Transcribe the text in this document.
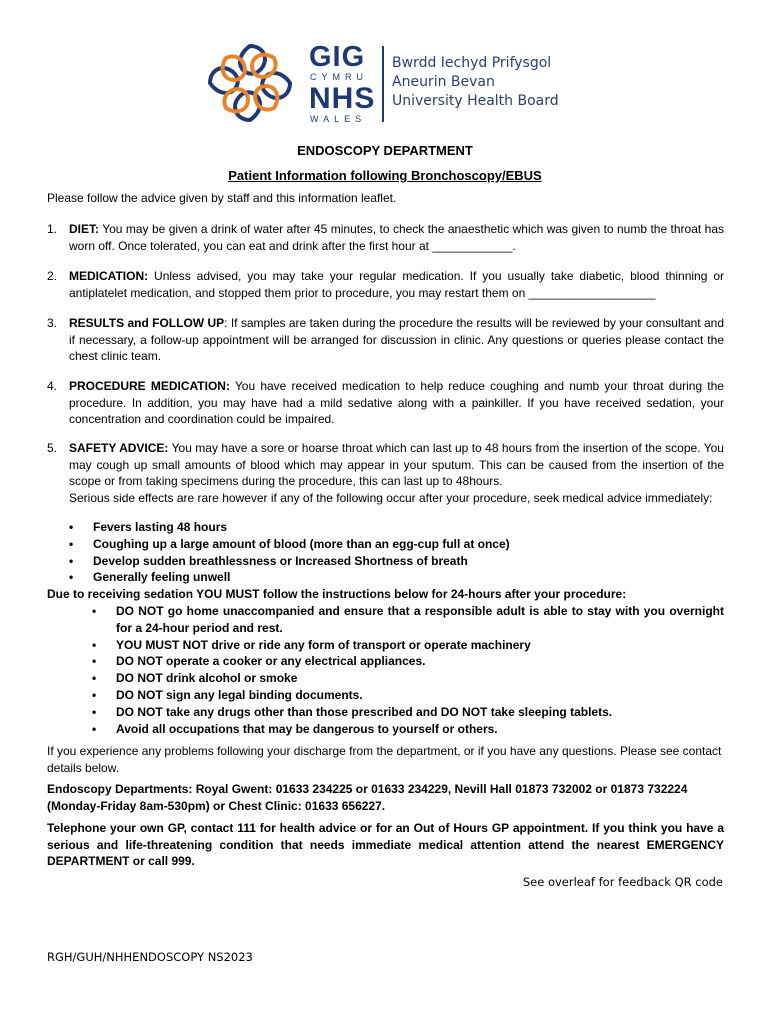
GIG
CYMRU
NHS
WALES
Bwrdd Iechyd Prifysgol
Aneurin Bevan
University Health Board
ENDOSCOPY DEPARTMENT
Patient Information following Bronchoscopy/EBUS
Please follow the advice given by staff and this information leaflet.
1. DIET: You may be given a drink of water after 45 minutes, to check the anaesthetic which was given to numb the throat has worn off. Once tolerated, you can eat and drink after the first hour at ____________.
2. MEDICATION: Unless advised, you may take your regular medication. If you usually take diabetic, blood thinning or antiplatelet medication, and stopped them prior to procedure, you may restart them on ___________________
3. RESULTS and FOLLOW UP: If samples are taken during the procedure the results will be reviewed by your consultant and if necessary, a follow-up appointment will be arranged for discussion in clinic. Any questions or queries please contact the chest clinic team.
4. PROCEDURE MEDICATION: You have received medication to help reduce coughing and numb your throat during the procedure. In addition, you may have had a mild sedative along with a painkiller. If you have received sedation, your concentration and coordination could be impaired.
5. SAFETY ADVICE: You may have a sore or hoarse throat which can last up to 48 hours from the insertion of the scope. You may cough up small amounts of blood which may appear in your sputum. This can be caused from the insertion of the scope or from taking specimens during the procedure, this can last up to 48hours.
Serious side effects are rare however if any of the following occur after your procedure, seek medical advice immediately:
• Fevers lasting 48 hours
• Coughing up a large amount of blood (more than an egg-cup full at once)
• Develop sudden breathlessness or Increased Shortness of breath
• Generally feeling unwell
Due to receiving sedation YOU MUST follow the instructions below for 24-hours after your procedure:
• DO NOT go home unaccompanied and ensure that a responsible adult is able to stay with you overnight for a 24-hour period and rest.
• YOU MUST NOT drive or ride any form of transport or operate machinery
• DO NOT operate a cooker or any electrical appliances.
• DO NOT drink alcohol or smoke
• DO NOT sign any legal binding documents.
• DO NOT take any drugs other than those prescribed and DO NOT take sleeping tablets.
• Avoid all occupations that may be dangerous to yourself or others.
If you experience any problems following your discharge from the department, or if you have any questions. Please see contact details below.
Endoscopy Departments: Royal Gwent: 01633 234225 or 01633 234229, Nevill Hall 01873 732002 or 01873 732224 (Monday-Friday 8am-530pm) or Chest Clinic: 01633 656227.
Telephone your own GP, contact 111 for health advice or for an Out of Hours GP appointment. If you think you have a serious and life-threatening condition that needs immediate medical attention attend the nearest EMERGENCY DEPARTMENT or call 999.
See overleaf for feedback QR code
RGH/GUH/NHHENDOSCOPY NS2023
